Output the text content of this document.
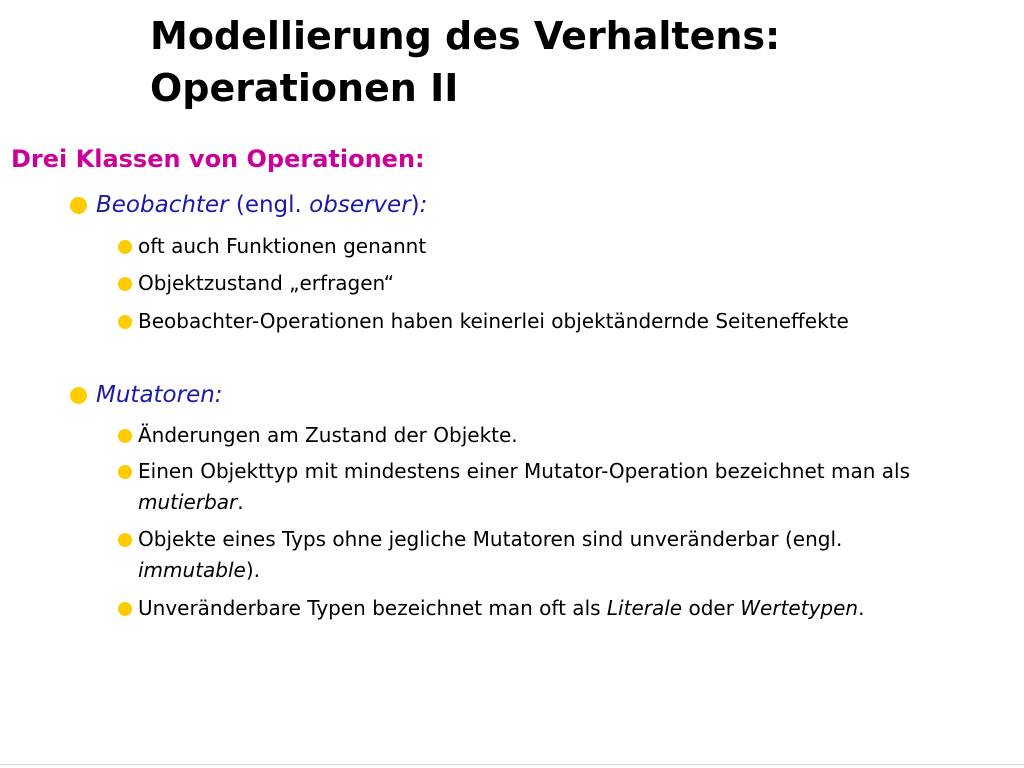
Modellierung des Verhaltens:
Operationen II
Drei Klassen von Operationen:
Beobachter (engl. observer ) :
oft auch Funktionen genannt
Objektzustand „erfragen“
Beobachter-Operationen haben keinerlei objektändernde Seiteneffekte
Mutatoren:
Änderungen am Zustand der Objekte.
Einen Objekttyp mit mindestens einer Mutator-Operation bezeichnet man als mutierbar.
Objekte eines Typs ohne jegliche Mutatoren sind unveränderbar (engl. immutable).
Unveränderbare Typen bezeichnet man oft als Literale oder Wertetypen.
